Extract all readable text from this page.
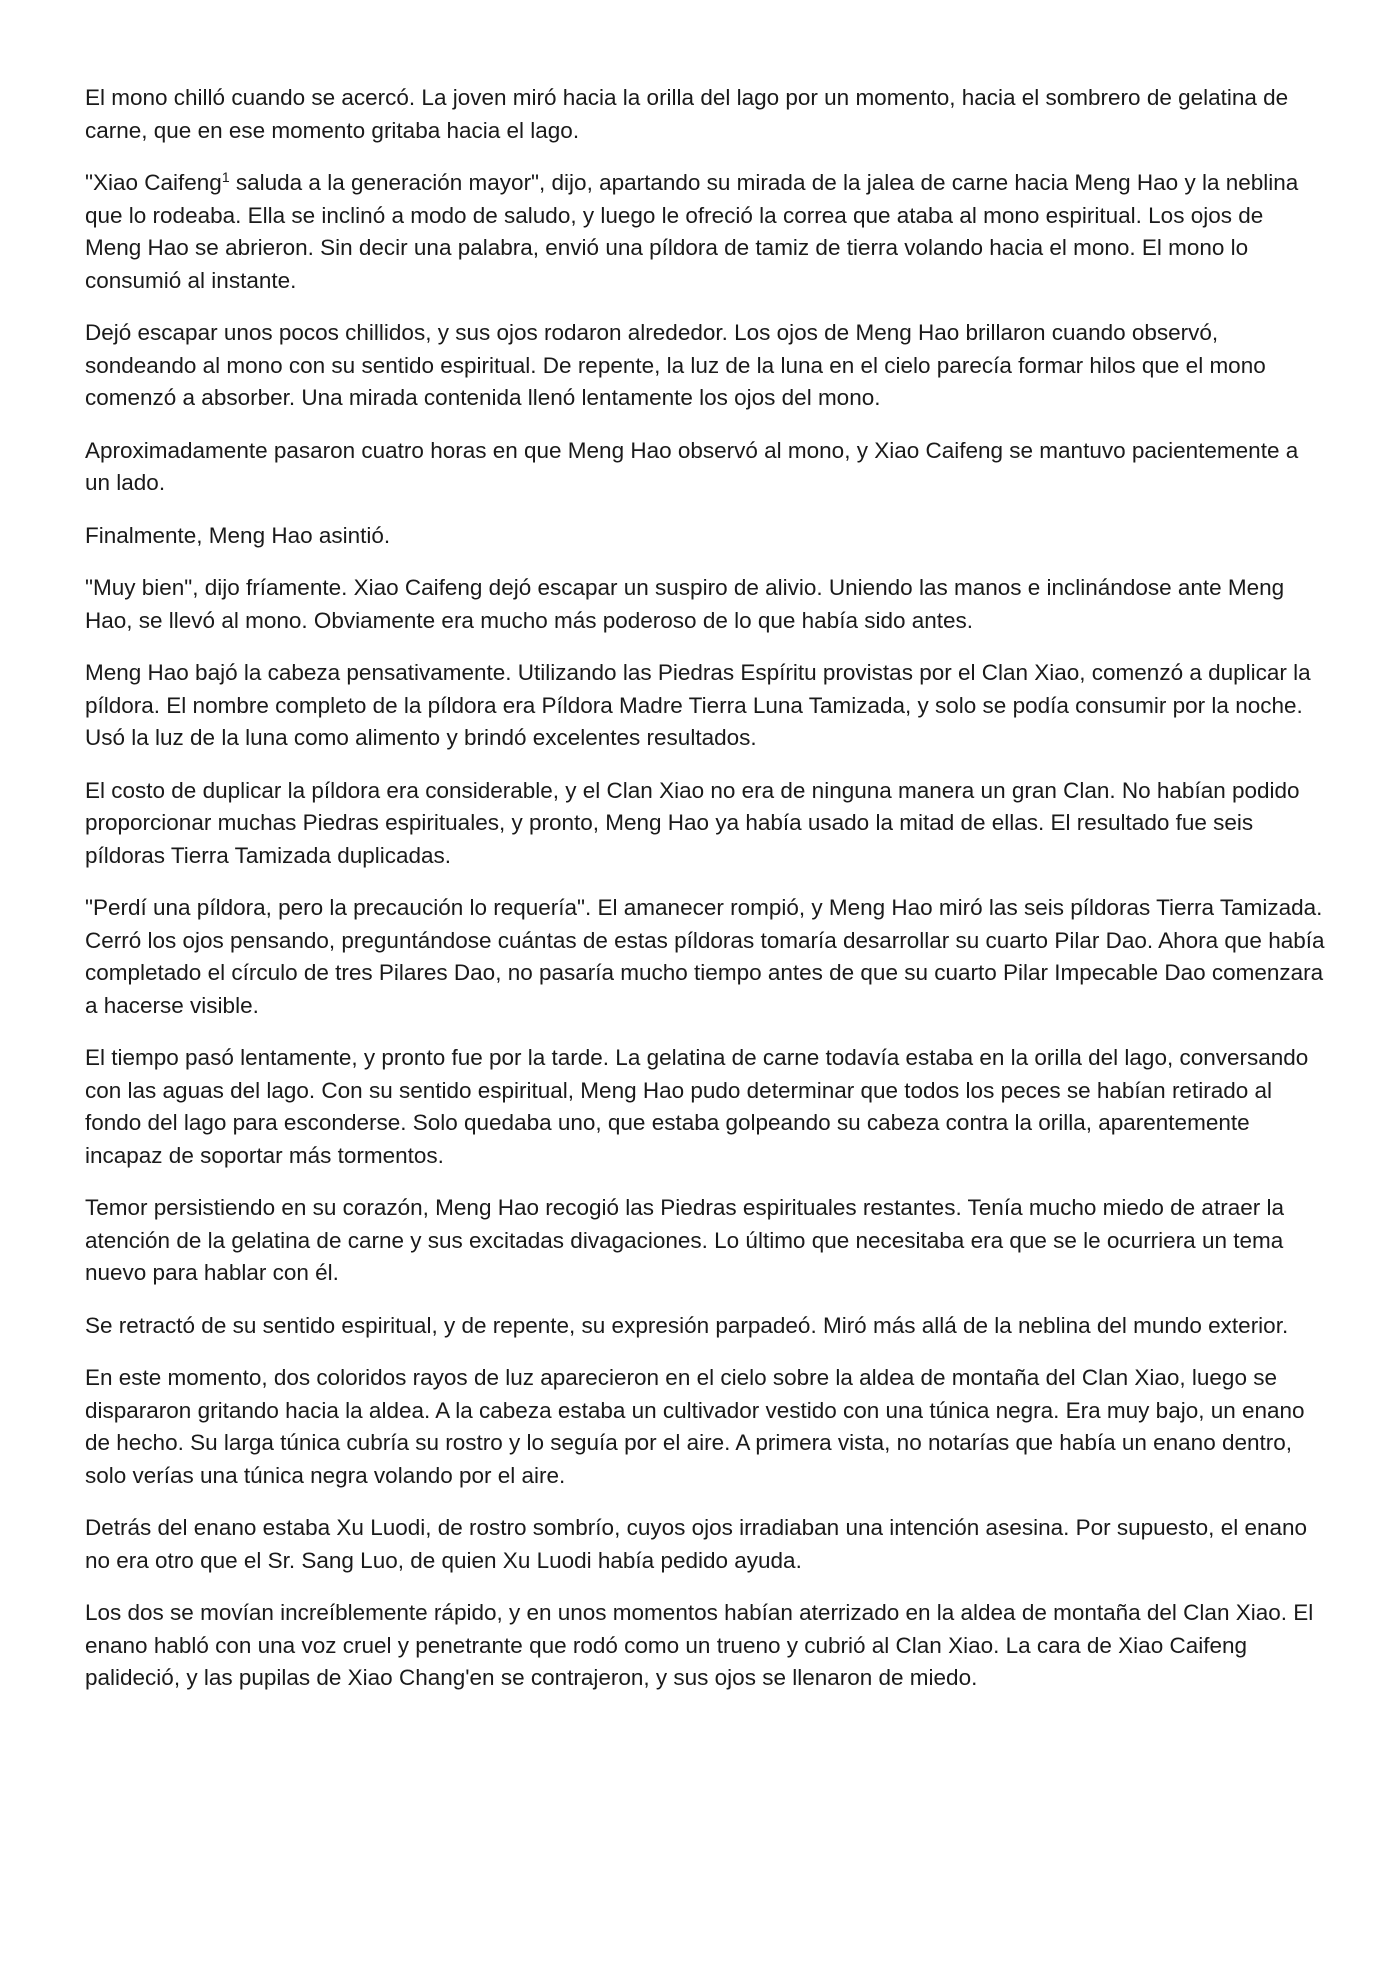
El mono chilló cuando se acercó. La joven miró hacia la orilla del lago por un momento, hacia el sombrero de gelatina de carne, que en ese momento gritaba hacia el lago.

"Xiao Caifeng$^1$ saluda a la generación mayor", dijo, apartando su mirada de la jalea de carne hacia Meng Hao y la neblina que lo rodeaba. Ella se inclinó a modo de saludo, y luego le ofreció la correa que ataba al mono espiritual. Los ojos de Meng Hao se abrieron. Sin decir una palabra, envió una píldora de tamiz de tierra volando hacia el mono. El mono lo consumió al instante.

Dejó escapar unos pocos chillidos, y sus ojos rodaron alrededor. Los ojos de Meng Hao brillaron cuando observó, sondeando al mono con su sentido espiritual. De repente, la luz de la luna en el cielo parecía formar hilos que el mono comenzó a absorber. Una mirada contenida llenó lentamente los ojos del mono.

Aproximadamente pasaron cuatro horas en que Meng Hao observó al mono, y Xiao Caifeng se mantuvo pacientemente a un lado.

Finalmente, Meng Hao asintió.

"Muy bien", dijo fríamente. Xiao Caifeng dejó escapar un suspiro de alivio. Uniendo las manos e inclinándose ante Meng Hao, se llevó al mono. Obviamente era mucho más poderoso de lo que había sido antes.

Meng Hao bajó la cabeza pensativamente. Utilizando las Piedras Espíritu provistas por el Clan Xiao, comenzó a duplicar la píldora. El nombre completo de la píldora era Píldora Madre Tierra Luna Tamizada, y solo se podía consumir por la noche. Usó la luz de la luna como alimento y brindó excelentes resultados.

El costo de duplicar la píldora era considerable, y el Clan Xiao no era de ninguna manera un gran Clan. No habían podido proporcionar muchas Piedras espirituales, y pronto, Meng Hao ya había usado la mitad de ellas. El resultado fue seis píldoras Tierra Tamizada duplicadas.

"Perdí una píldora, pero la precaución lo requería". El amanecer rompió, y Meng Hao miró las seis píldoras Tierra Tamizada. Cerró los ojos pensando, preguntándose cuántas de estas píldoras tomaría desarrollar su cuarto Pilar Dao. Ahora que había completado el círculo de tres Pilares Dao, no pasaría mucho tiempo antes de que su cuarto Pilar Impecable Dao comenzara a hacerse visible.

El tiempo pasó lentamente, y pronto fue por la tarde. La gelatina de carne todavía estaba en la orilla del lago, conversando con las aguas del lago. Con su sentido espiritual, Meng Hao pudo determinar que todos los peces se habían retirado al fondo del lago para esconderse. Solo quedaba uno, que estaba golpeando su cabeza contra la orilla, aparentemente incapaz de soportar más tormentos.

Temor persistiendo en su corazón, Meng Hao recogió las Piedras espirituales restantes. Tenía mucho miedo de atraer la atención de la gelatina de carne y sus excitadas divagaciones. Lo último que necesitaba era que se le ocurriera un tema nuevo para hablar con él.

Se retractó de su sentido espiritual, y de repente, su expresión parpadeó. Miró más allá de la neblina del mundo exterior.

En este momento, dos coloridos rayos de luz aparecieron en el cielo sobre la aldea de montaña del Clan Xiao, luego se dispararon gritando hacia la aldea. A la cabeza estaba un cultivador vestido con una túnica negra. Era muy bajo, un enano de hecho. Su larga túnica cubría su rostro y lo seguía por el aire. A primera vista, no notarías que había un enano dentro, solo verías una túnica negra volando por el aire.

Detrás del enano estaba Xu Luodi, de rostro sombrío, cuyos ojos irradiaban una intención asesina. Por supuesto, el enano no era otro que el Sr. Sang Luo, de quien Xu Luodi había pedido ayuda.

Los dos se movían increíblemente rápido, y en unos momentos habían aterrizado en la aldea de montaña del Clan Xiao. El enano habló con una voz cruel y penetrante que rodó como un trueno y cubrió al Clan Xiao. La cara de Xiao Caifeng palideció, y las pupilas de Xiao Chang'en se contrajeron, y sus ojos se llenaron de miedo.
